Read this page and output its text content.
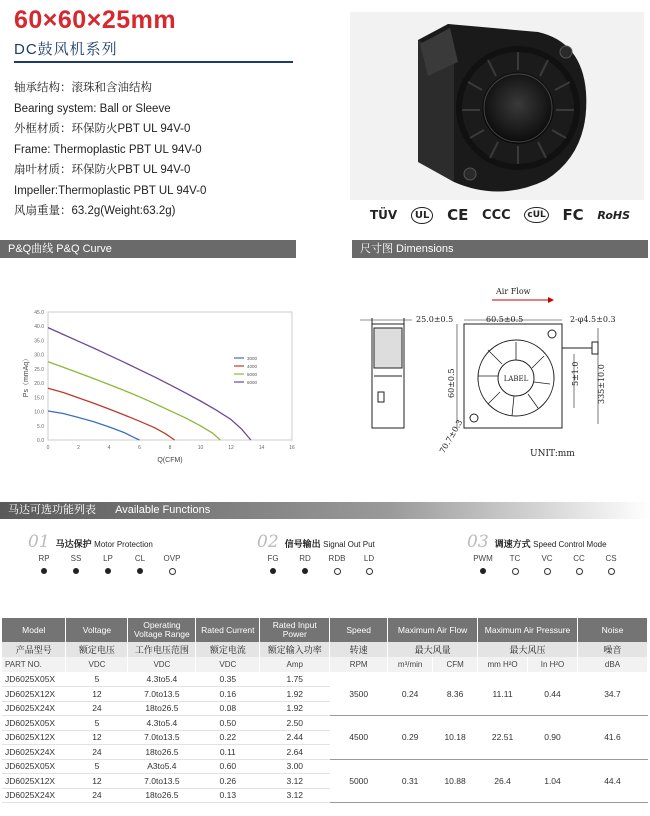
60×60×25mm
DC鼓风机系列
轴承结构：滚珠和含油结构
Bearing system: Ball or Sleeve
外框材质：环保防火PBT UL 94V-0
Frame: Thermoplastic PBT UL 94V-0
扇叶材质：环保防火PBT UL 94V-0
Impeller:Thermoplastic PBT UL 94V-0
风扇重量：63.2g(Weight:63.2g)	TÜV	UL CE CCC	cUL FC RoHS
P&Q曲线 P&Q Curve
0.0
5.0
10.0
15.0
20.0
25.0
30.0
35.0
40.0
45.0
0	2	4	6	8	10	12	14	16
Q(CFM)
Ps（mmAq）	3000
4000
5000
6000
尺寸图 Dimensions
25.0±0.5
LABEL
60.5±0.5	2-φ4.5±0.3
60±0.5
70.7±0.3
Air Flow
5±1.0 335±10.0
UNIT:mm
马达可选功能列表 Available Functions
01 马达保护 Motor Protection
RP	SS	LP	CL	OVP
02 信号输出 Signal Out Put
FG	RD	RDB	LD
03 调速方式 Speed Control Mode
PWM	TC	VC	CC	CS
Model	Voltage	Operating Voltage Range	Rated Current	Rated Input Power	Speed	Maximum Air Flow		Maximum Air Pressure		Noise
产品型号	额定电压	工作电压范围	额定电流	额定输入功率	转速	最大风量		最大风压		噪音
PART NO.	VDC	VDC	VDC	Amp	RPM	m³/min	CFM	mm H²O	In H²O	dBA
JD6025X05X	5	4.3to5.4	0.35	1.75	3500	0.24	8.36	11.11	0.44	34.7
JD6025X12X	12	7.0to13.5	0.16	1.92						
JD6025X24X	24	18to26.5	0.08	1.92						
JD6025X05X	5	4.3to5.4	0.50	2.50	4500	0.29	10.18	22.51	0.90	41.6
JD6025X12X	12	7.0to13.5	0.22	2.44						
JD6025X24X	24	18to26.5	0.11	2.64						
JD6025X05X	5	A3to5.4	0.60	3.00	5000	0.31	10.88	26.4	1.04	44.4
JD6025X12X	12	7.0to13.5	0.26	3.12						
JD6025X24X	24	18to26.5	0.13	3.12						
